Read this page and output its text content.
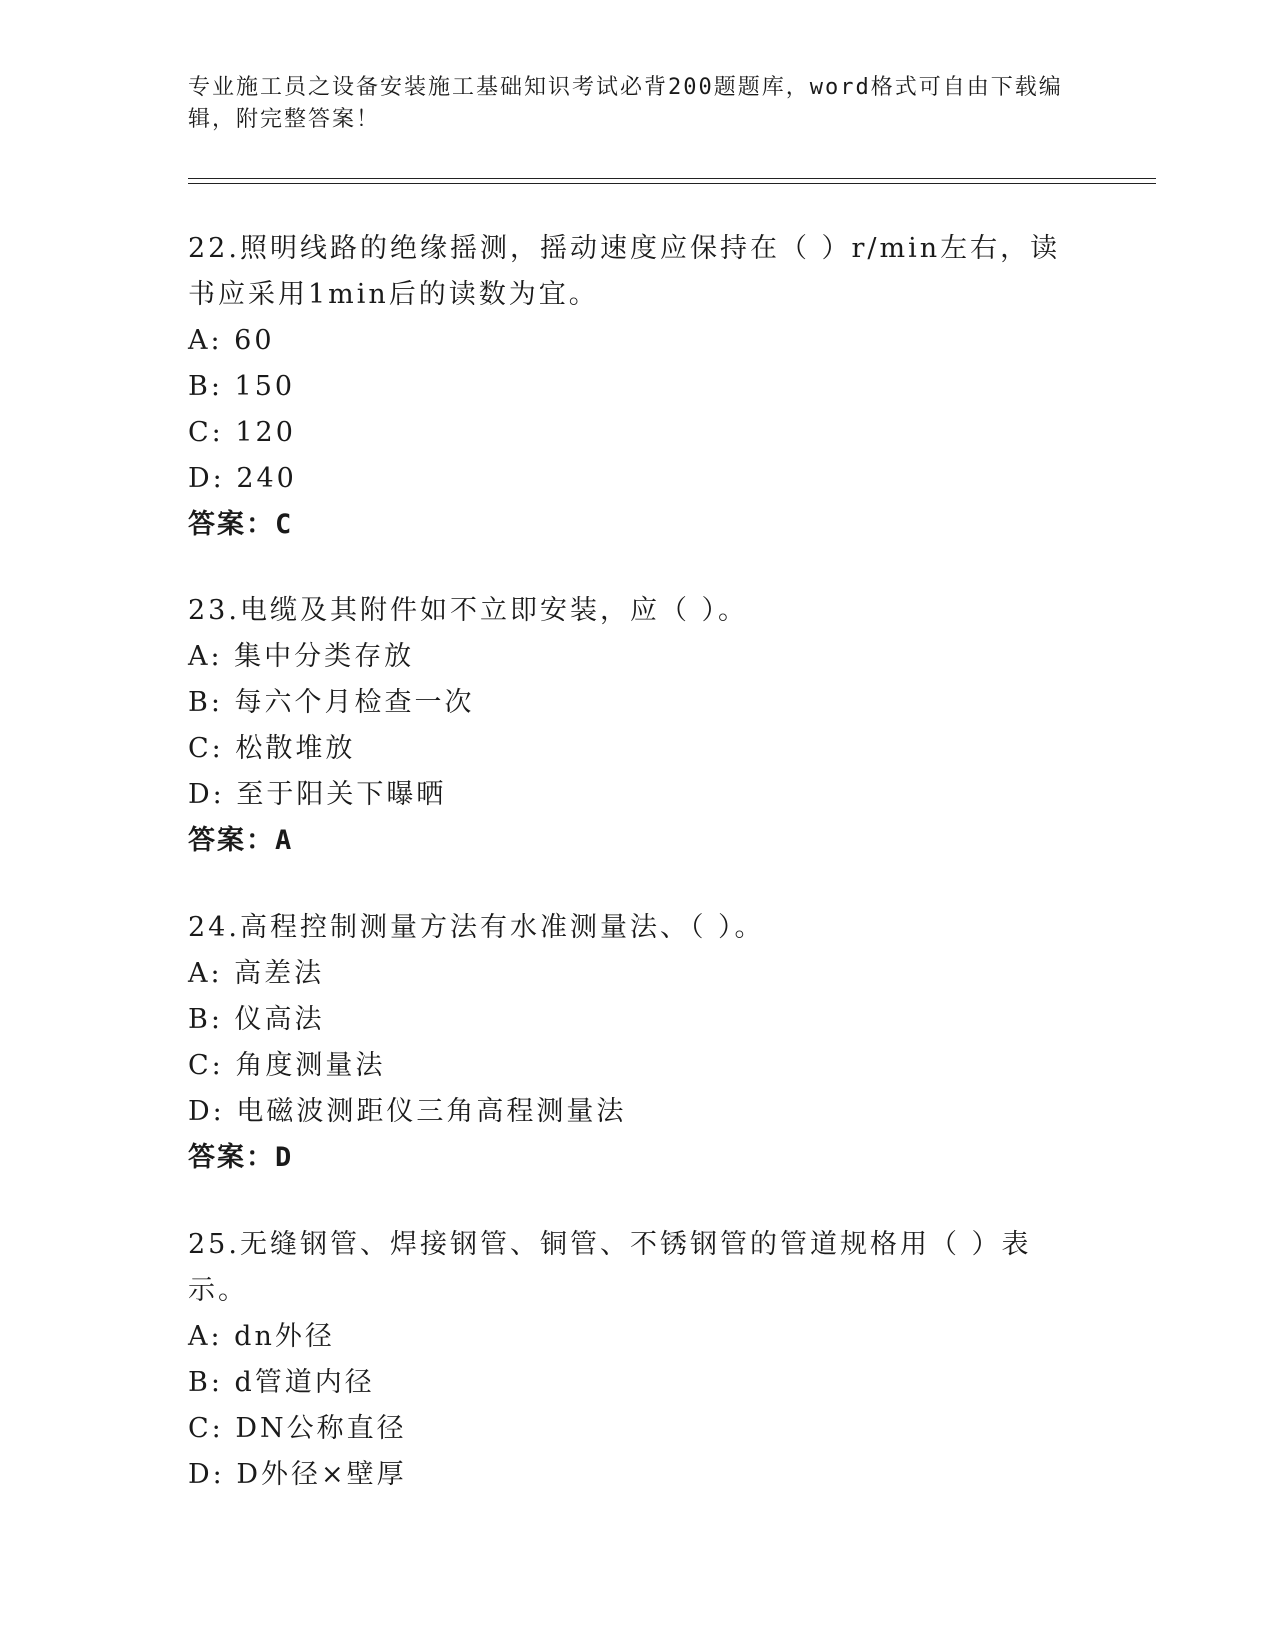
专业施工员之设备安装施工基础知识考试必背200题题库，word格式可自由下载编辑，附完整答案！
22.照明线路的绝缘摇测，摇动速度应保持在（ ）r/min左右，读书应采用1min后的读数为宜。
A: 60
B: 150
C: 120
D: 240
答案：C
23.电缆及其附件如不立即安装，应（ ）。
A: 集中分类存放
B: 每六个月检查一次
C: 松散堆放
D: 至于阳关下曝晒
答案：A
24.高程控制测量方法有水准测量法、（ ）。
A: 高差法
B: 仪高法
C: 角度测量法
D: 电磁波测距仪三角高程测量法
答案：D
25.无缝钢管、焊接钢管、铜管、不锈钢管的管道规格用（ ）表示。
A: dn外径
B: d管道内径
C: DN公称直径
D: D外径×壁厚
